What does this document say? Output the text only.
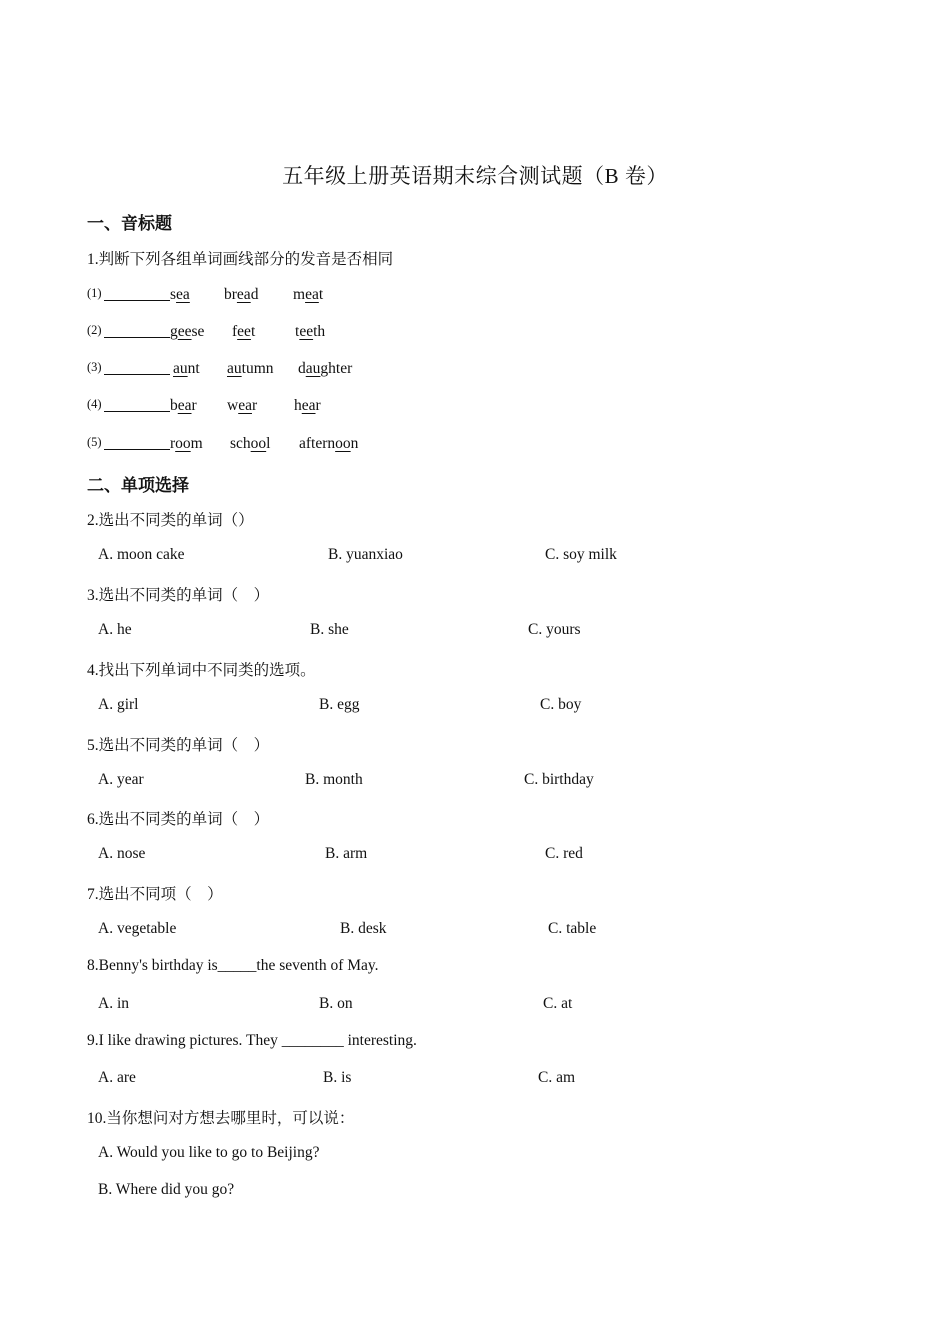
五年级上册英语期末综合测试题（B 卷）
一、音标题
1.判断下列各组单词画线部分的发音是否相同
(1)	sea bread meat
(2)	geese feet	teeth
(3)	aunt autumn daughter
(4)	bear wear hear
(5)	room school afternoon
二、单项选择
2.选出不同类的单词（）
A. moon cake	B. yuanxiao	C. soy milk
3.选出不同类的单词（　）
A. he	B. she	C. yours
4.找出下列单词中不同类的选项。
A. girl	B. egg	C. boy
5.选出不同类的单词（　）
A. year	B. month	C. birthday
6.选出不同类的单词（　）
A. nose	B. arm	C. red
7.选出不同项（　）
A. vegetable	B. desk	C. table
8.Benny's birthday is_____the seventh of May.
A. in	B. on	C. at
9.I like drawing pictures. They ________ interesting.
A. are	B. is	C. am
10.当你想问对方想去哪里时，可以说：
A. Would you like to go to Beijing?
B. Where did you go?
